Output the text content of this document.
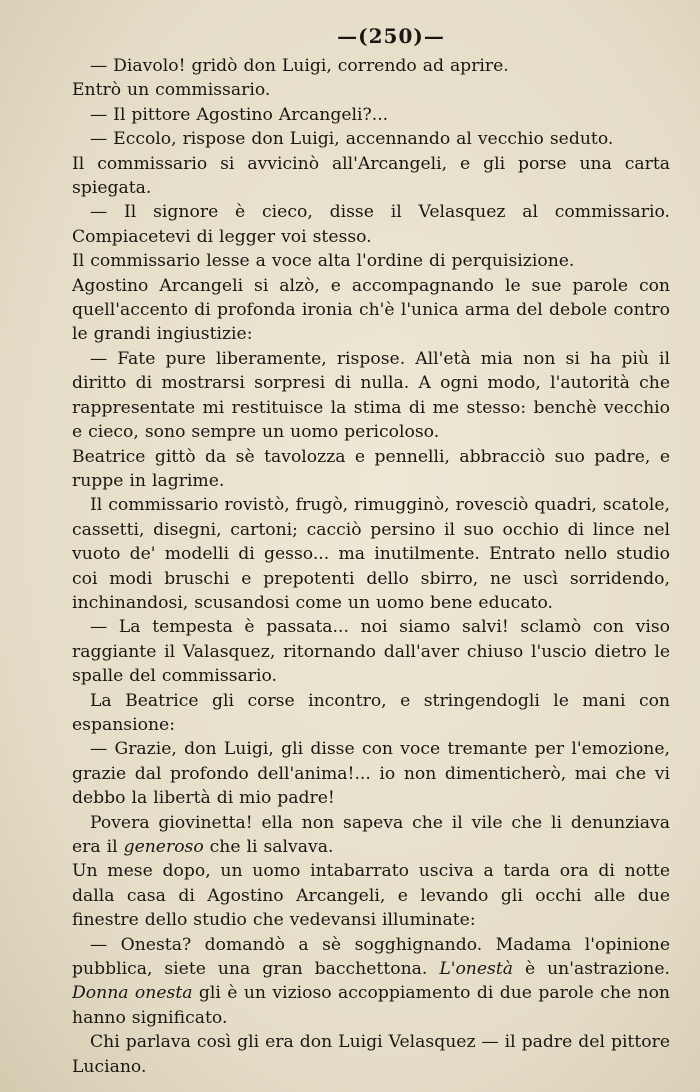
—(250)—

— Diavolo! gridò don Luigi, correndo ad aprire.

Entrò un commissario.

— Il pittore Agostino Arcangeli?...

— Eccolo, rispose don Luigi, accennando al vecchio seduto.

Il commissario si avvicinò all'Arcangeli, e gli porse una carta spiegata.

— Il signore è cieco, disse il Velasquez al commissario. Compiacetevi di legger voi stesso.

Il commissario lesse a voce alta l'ordine di perquisizione.

Agostino Arcangeli si alzò, e accompagnando le sue parole con quell'accento di profonda ironia ch'è l'unica arma del debole contro le grandi ingiustizie:

— Fate pure liberamente, rispose. All'età mia non si ha più il diritto di mostrarsi sorpresi di nulla. A ogni modo, l'autorità che rappresentate mi restituisce la stima di me stesso: benchè vecchio e cieco, sono sempre un uomo pericoloso.

Beatrice gittò da sè tavolozza e pennelli, abbracciò suo padre, e ruppe in lagrime.

Il commissario rovistò, frugò, rimugginò, rovesciò quadri, scatole, cassetti, disegni, cartoni; cacciò persino il suo occhio di lince nel vuoto de' modelli di gesso... ma inutilmente. Entrato nello studio coi modi bruschi e prepotenti dello sbirro, ne uscì sorridendo, inchinandosi, scusandosi come un uomo bene educato.

— La tempesta è passata... noi siamo salvi! sclamò con viso raggiante il Valasquez, ritornando dall'aver chiuso l'uscio dietro le spalle del commissario.

La Beatrice gli corse incontro, e stringendogli le mani con espansione:

— Grazie, don Luigi, gli disse con voce tremante per l'emozione, grazie dal profondo dell'anima!... io non dimenticherò, mai che vi debbo la libertà di mio padre!

Povera giovinetta! ella non sapeva che il vile che li denunziava era il generoso che li salvava.

Un mese dopo, un uomo intabarrato usciva a tarda ora di notte dalla casa di Agostino Arcangeli, e levando gli occhi alle due finestre dello studio che vedevansi illuminate:

— Onesta? domandò a sè sogghignando. Madama l'opinione pubblica, siete una gran bacchettona. L'onestà è un'astrazione. Donna onesta gli è un vizioso accoppiamento di due parole che non hanno significato.

Chi parlava così gli era don Luigi Velasquez — il padre del pittore Luciano.
